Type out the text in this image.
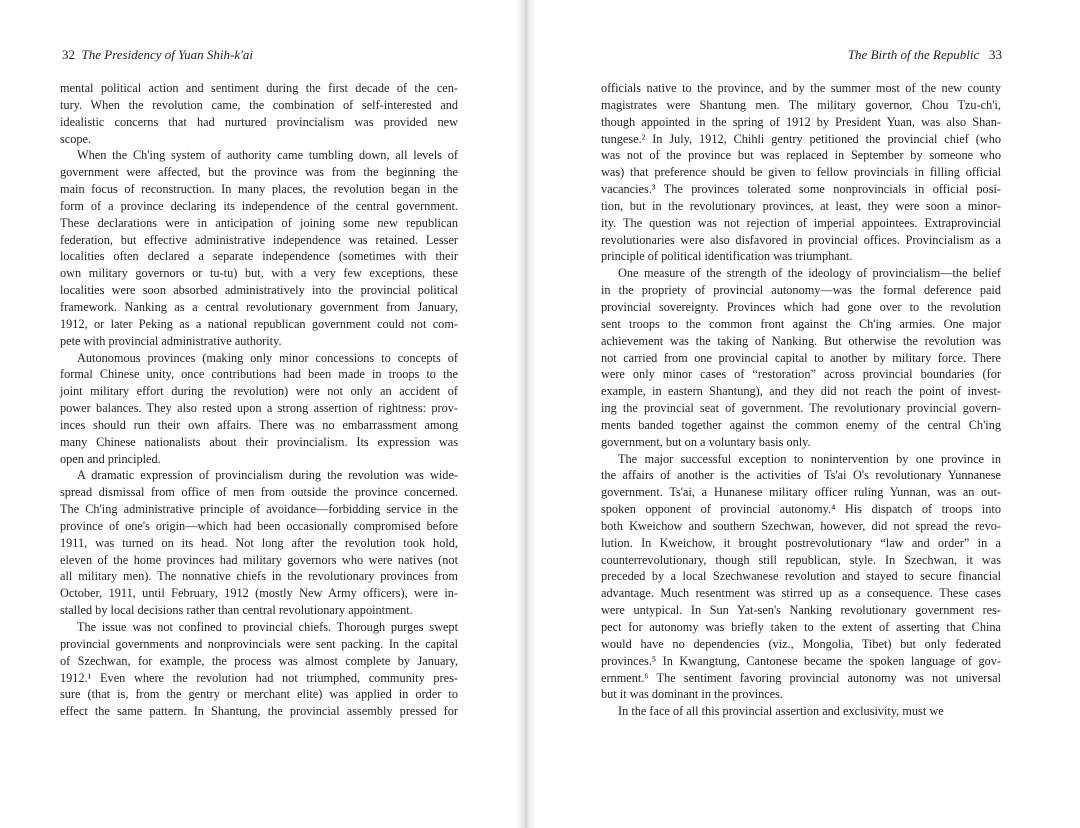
32 The Presidency of Yuan Shih-k'ai
mental political action and sentiment during the first decade of the cen-
tury. When the revolution came, the combination of self-interested and
idealistic concerns that had nurtured provincialism was provided new
scope.
When the Ch'ing system of authority came tumbling down, all levels of
government were affected, but the province was from the beginning the
main focus of reconstruction. In many places, the revolution began in the
form of a province declaring its independence of the central government.
These declarations were in anticipation of joining some new republican
federation, but effective administrative independence was retained. Lesser
localities often declared a separate independence (sometimes with their
own military governors or tu-tu) but, with a very few exceptions, these
localities were soon absorbed administratively into the provincial political
framework. Nanking as a central revolutionary government from January,
1912, or later Peking as a national republican government could not com-
pete with provincial administrative authority.
Autonomous provinces (making only minor concessions to concepts of
formal Chinese unity, once contributions had been made in troops to the
joint military effort during the revolution) were not only an accident of
power balances. They also rested upon a strong assertion of rightness: prov-
inces should run their own affairs. There was no embarrassment among
many Chinese nationalists about their provincialism. Its expression was
open and principled.
A dramatic expression of provincialism during the revolution was wide-
spread dismissal from office of men from outside the province concerned.
The Ch'ing administrative principle of avoidance—forbidding service in the
province of one's origin—which had been occasionally compromised before
1911, was turned on its head. Not long after the revolution took hold,
eleven of the home provinces had military governors who were natives (not
all military men). The nonnative chiefs in the revolutionary provinces from
October, 1911, until February, 1912 (mostly New Army officers), were in-
stalled by local decisions rather than central revolutionary appointment.
The issue was not confined to provincial chiefs. Thorough purges swept
provincial governments and nonprovincials were sent packing. In the capital
of Szechwan, for example, the process was almost complete by January,
1912.¹ Even where the revolution had not triumphed, community pres-
sure (that is, from the gentry or merchant elite) was applied in order to
effect the same pattern. In Shantung, the provincial assembly pressed for
The Birth of the Republic 33
officials native to the province, and by the summer most of the new county
magistrates were Shantung men. The military governor, Chou Tzu-ch'i,
though appointed in the spring of 1912 by President Yuan, was also Shan-
tungese.² In July, 1912, Chihli gentry petitioned the provincial chief (who
was not of the province but was replaced in September by someone who
was) that preference should be given to fellow provincials in filling official
vacancies.³ The provinces tolerated some nonprovincials in official posi-
tion, but in the revolutionary provinces, at least, they were soon a minor-
ity. The question was not rejection of imperial appointees. Extraprovincial
revolutionaries were also disfavored in provincial offices. Provincialism as a
principle of political identification was triumphant.
One measure of the strength of the ideology of provincialism—the belief
in the propriety of provincial autonomy—was the formal deference paid
provincial sovereignty. Provinces which had gone over to the revolution
sent troops to the common front against the Ch'ing armies. One major
achievement was the taking of Nanking. But otherwise the revolution was
not carried from one provincial capital to another by military force. There
were only minor cases of “restoration” across provincial boundaries (for
example, in eastern Shantung), and they did not reach the point of invest-
ing the provincial seat of government. The revolutionary provincial govern-
ments banded together against the common enemy of the central Ch'ing
government, but on a voluntary basis only.
The major successful exception to nonintervention by one province in
the affairs of another is the activities of Ts'ai O's revolutionary Yunnanese
government. Ts'ai, a Hunanese military officer ruling Yunnan, was an out-
spoken opponent of provincial autonomy.⁴ His dispatch of troops into
both Kweichow and southern Szechwan, however, did not spread the revo-
lution. In Kweichow, it brought postrevolutionary “law and order” in a
counterrevolutionary, though still republican, style. In Szechwan, it was
preceded by a local Szechwanese revolution and stayed to secure financial
advantage. Much resentment was stirred up as a consequence. These cases
were untypical. In Sun Yat-sen's Nanking revolutionary government res-
pect for autonomy was briefly taken to the extent of asserting that China
would have no dependencies (viz., Mongolia, Tibet) but only federated
provinces.⁵ In Kwangtung, Cantonese became the spoken language of gov-
ernment.⁶ The sentiment favoring provincial autonomy was not universal
but it was dominant in the provinces.
In the face of all this provincial assertion and exclusivity, must we
